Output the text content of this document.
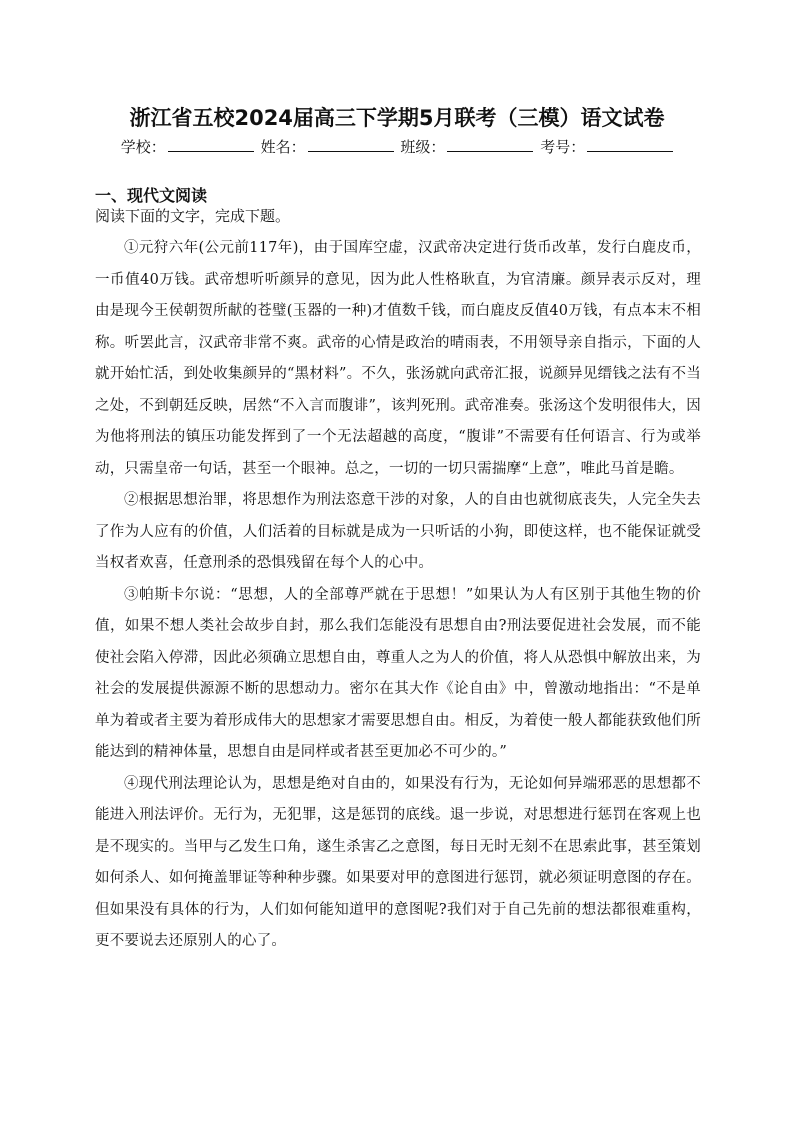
浙江省五校2024届高三下学期5月联考（三模）语文试卷
学校：	姓名：	班级：	考号：
一、现代文阅读
阅读下面的文字，完成下题。

①元狩六年(公元前117年)，由于国库空虚，汉武帝决定进行货币改革，发行白鹿皮币，一币值40万钱。武帝想听听颜异的意见，因为此人性格耿直，为官清廉。颜异表示反对，理由是现今王侯朝贺所献的苍璧(玉器的一种)才值数千钱，而白鹿皮反值40万钱，有点本末不相称。听罢此言，汉武帝非常不爽。武帝的心情是政治的晴雨表，不用领导亲自指示，下面的人就开始忙活，到处收集颜异的“黑材料”。不久，张汤就向武帝汇报，说颜异见缙钱之法有不当之处，不到朝廷反映，居然“不入言而腹诽”，该判死刑。武帝准奏。张汤这个发明很伟大，因为他将刑法的镇压功能发挥到了一个无法超越的高度，“腹诽”不需要有任何语言、行为或举动，只需皇帝一句话，甚至一个眼神。总之，一切的一切只需揣摩“上意”，唯此马首是瞻。

②根据思想治罪，将思想作为刑法恣意干涉的对象，人的自由也就彻底丧失，人完全失去了作为人应有的价值，人们活着的目标就是成为一只听话的小狗，即使这样，也不能保证就受当权者欢喜，任意刑杀的恐惧残留在每个人的心中。

③帕斯卡尔说：“思想，人的全部尊严就在于思想！”如果认为人有区别于其他生物的价值，如果不想人类社会故步自封，那么我们怎能没有思想自由?刑法要促进社会发展，而不能使社会陷入停滞，因此必须确立思想自由，尊重人之为人的价值，将人从恐惧中解放出来，为社会的发展提供源源不断的思想动力。密尔在其大作《论自由》中，曾激动地指出：“不是单单为着或者主要为着形成伟大的思想家才需要思想自由。相反，为着使一般人都能获致他们所能达到的精神体量，思想自由是同样或者甚至更加必不可少的。”

④现代刑法理论认为，思想是绝对自由的，如果没有行为，无论如何异端邪恶的思想都不能进入刑法评价。无行为，无犯罪，这是惩罚的底线。退一步说，对思想进行惩罚在客观上也是不现实的。当甲与乙发生口角，遂生杀害乙之意图，每日无时无刻不在思索此事，甚至策划如何杀人、如何掩盖罪证等种种步骤。如果要对甲的意图进行惩罚，就必须证明意图的存在。但如果没有具体的行为，人们如何能知道甲的意图呢?我们对于自己先前的想法都很难重构，更不要说去还原别人的心了。
